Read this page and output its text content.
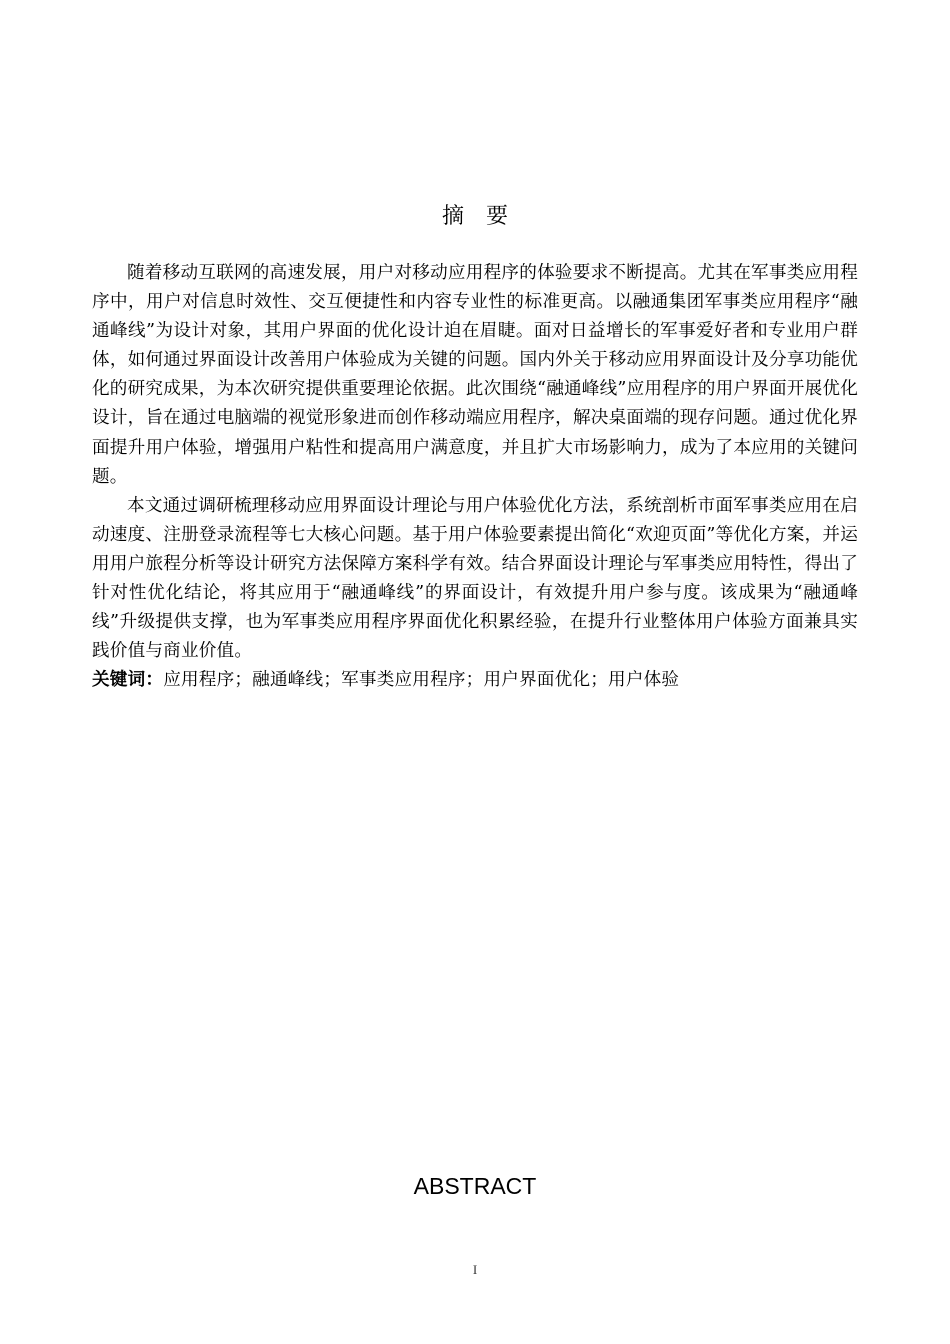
摘要

随着移动互联网的高速发展，用户对移动应用程序的体验要求不断提高。尤其在军事类应用程序中，用户对信息时效性、交互便捷性和内容专业性的标准更高。以融通集团军事类应用程序“融通峰线”为设计对象，其用户界面的优化设计迫在眉睫。面对日益增长的军事爱好者和专业用户群体，如何通过界面设计改善用户体验成为关键的问题。国内外关于移动应用界面设计及分享功能优化的研究成果，为本次研究提供重要理论依据。此次围绕“融通峰线”应用程序的用户界面开展优化设计，旨在通过电脑端的视觉形象进而创作移动端应用程序，解决桌面端的现存问题。通过优化界面提升用户体验，增强用户粘性和提高用户满意度，并且扩大市场影响力，成为了本应用的关键问题。

本文通过调研梳理移动应用界面设计理论与用户体验优化方法，系统剖析市面军事类应用在启动速度、注册登录流程等七大核心问题。基于用户体验要素提出简化“欢迎页面”等优化方案，并运用用户旅程分析等设计研究方法保障方案科学有效。结合界面设计理论与军事类应用特性，得出了针对性优化结论，将其应用于“融通峰线”的界面设计，有效提升用户参与度。该成果为“融通峰线”升级提供支撑，也为军事类应用程序界面优化积累经验，在提升行业整体用户体验方面兼具实践价值与商业价值。

关键词：应用程序；融通峰线；军事类应用程序；用户界面优化；用户体验

ABSTRACT
I
